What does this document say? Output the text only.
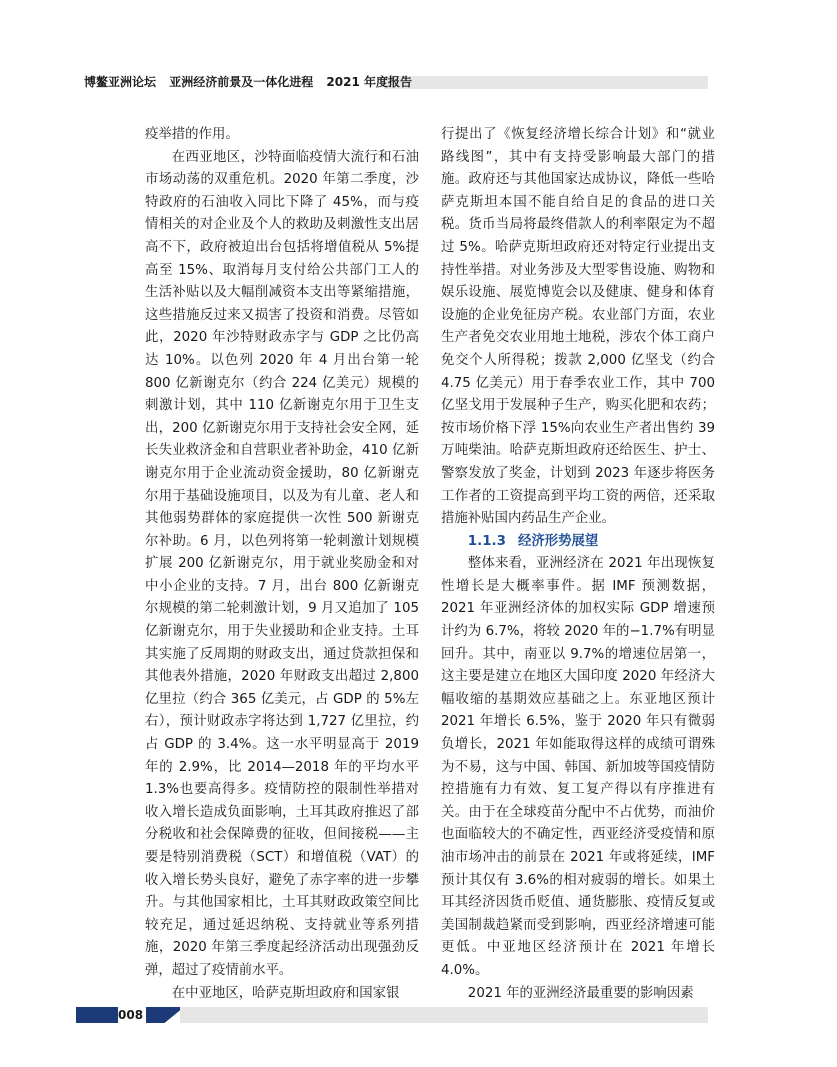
博鳌亚洲论坛 亚洲经济前景及一体化进程 2021 年度报告

疫举措的作用。

在西亚地区，沙特面临疫情大流行和石油市场动荡的双重危机。2020 年第二季度，沙特政府的石油收入同比下降了 45%，而与疫情相关的对企业及个人的救助及刺激性支出居高不下，政府被迫出台包括将增值税从 5%提高至 15%、取消每月支付给公共部门工人的生活补贴以及大幅削减资本支出等紧缩措施，这些措施反过来又损害了投资和消费。尽管如此，2020 年沙特财政赤字与 GDP 之比仍高达 10%。以色列 2020 年 4 月出台第一轮 800 亿新谢克尔（约合 224 亿美元）规模的刺激计划，其中 110 亿新谢克尔用于卫生支出，200 亿新谢克尔用于支持社会安全网，延长失业救济金和自营职业者补助金，410 亿新谢克尔用于企业流动资金援助，80 亿新谢克尔用于基础设施项目，以及为有儿童、老人和其他弱势群体的家庭提供一次性 500 新谢克尔补助。6 月，以色列将第一轮刺激计划规模扩展 200 亿新谢克尔，用于就业奖励金和对中小企业的支持。7 月，出台 800 亿新谢克尔规模的第二轮刺激计划，9 月又追加了 105 亿新谢克尔，用于失业援助和企业支持。土耳其实施了反周期的财政支出，通过贷款担保和其他表外措施，2020 年财政支出超过 2,800 亿里拉（约合 365 亿美元，占 GDP 的 5%左右），预计财政赤字将达到 1,727 亿里拉，约占 GDP 的 3.4%。这一水平明显高于 2019 年的 2.9%，比 2014—2018 年的平均水平 1.3%也要高得多。疫情防控的限制性举措对收入增长造成负面影响，土耳其政府推迟了部分税收和社会保障费的征收，但间接税——主要是特别消费税（SCT）和增值税（VAT）的收入增长势头良好，避免了赤字率的进一步攀升。与其他国家相比，土耳其财政政策空间比较充足，通过延迟纳税、支持就业等系列措施，2020 年第三季度起经济活动出现强劲反弹，超过了疫情前水平。

在中亚地区，哈萨克斯坦政府和国家银

行提出了《恢复经济增长综合计划》和“就业路线图”，其中有支持受影响最大部门的措施。政府还与其他国家达成协议，降低一些哈萨克斯坦本国不能自给自足的食品的进口关税。货币当局将最终借款人的利率限定为不超过 5%。哈萨克斯坦政府还对特定行业提出支持性举措。对业务涉及大型零售设施、购物和娱乐设施、展览博览会以及健康、健身和体育设施的企业免征房产税。农业部门方面，农业生产者免交农业用地土地税，涉农个体工商户免交个人所得税；拨款 2,000 亿坚戈（约合 4.75 亿美元）用于春季农业工作，其中 700 亿坚戈用于发展种子生产，购买化肥和农药；按市场价格下浮 15%向农业生产者出售约 39 万吨柴油。哈萨克斯坦政府还给医生、护士、警察发放了奖金，计划到 2023 年逐步将医务工作者的工资提高到平均工资的两倍，还采取措施补贴国内药品生产企业。

1.1.3 经济形势展望

整体来看，亚洲经济在 2021 年出现恢复性增长是大概率事件。据 IMF 预测数据，2021 年亚洲经济体的加权实际 GDP 增速预计约为 6.7%，将较 2020 年的−1.7%有明显回升。其中，南亚以 9.7%的增速位居第一，这主要是建立在地区大国印度 2020 年经济大幅收缩的基期效应基础之上。东亚地区预计 2021 年增长 6.5%，鉴于 2020 年只有微弱负增长，2021 年如能取得这样的成绩可谓殊为不易，这与中国、韩国、新加坡等国疫情防控措施有力有效、复工复产得以有序推进有关。由于在全球疫苗分配中不占优势，而油价也面临较大的不确定性，西亚经济受疫情和原油市场冲击的前景在 2021 年或将延续，IMF 预计其仅有 3.6%的相对疲弱的增长。如果土耳其经济因货币贬值、通货膨胀、疫情反复或美国制裁趋紧而受到影响，西亚经济增速可能更低。中亚地区经济预计在 2021 年增长 4.0%。

2021 年的亚洲经济最重要的影响因素

008
